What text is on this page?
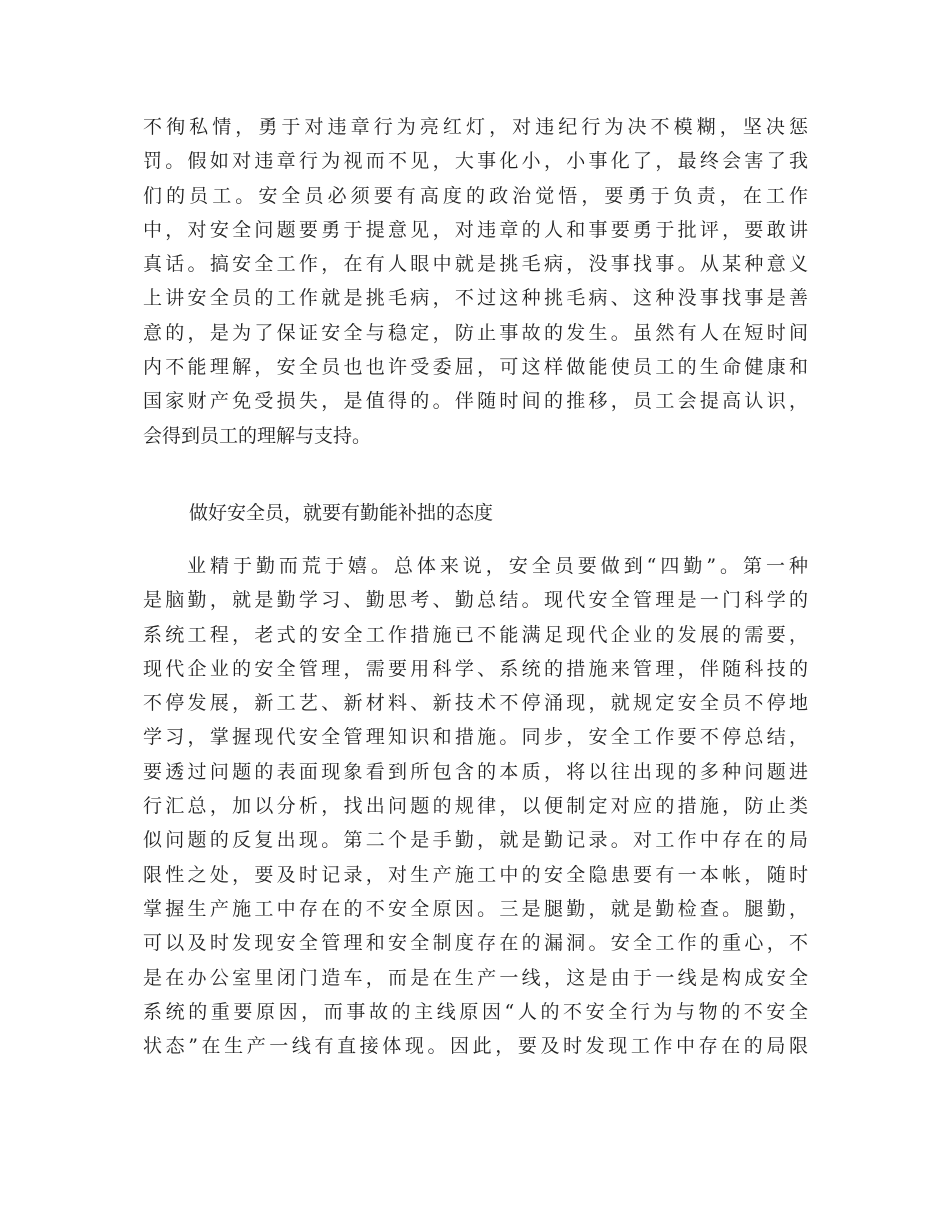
不徇私情，勇于对违章行为亮红灯，对违纪行为决不模糊，坚决惩
罚。假如对违章行为视而不见，大事化小，小事化了，最终会害了我
们的员工。安全员必须要有高度的政治觉悟，要勇于负责，在工作
中，对安全问题要勇于提意见，对违章的人和事要勇于批评，要敢讲
真话。搞安全工作，在有人眼中就是挑毛病，没事找事。从某种意义
上讲安全员的工作就是挑毛病，不过这种挑毛病、这种没事找事是善
意的，是为了保证安全与稳定，防止事故的发生。虽然有人在短时间
内不能理解，安全员也也许受委屈，可这样做能使员工的生命健康和
国家财产免受损失，是值得的。伴随时间的推移，员工会提高认识，
会得到员工的理解与支持。
做好安全员，就要有勤能补拙的态度
业精于勤而荒于嬉。总体来说，安全员要做到“四勤”。第一种
是脑勤，就是勤学习、勤思考、勤总结。现代安全管理是一门科学的
系统工程，老式的安全工作措施已不能满足现代企业的发展的需要，
现代企业的安全管理，需要用科学、系统的措施来管理，伴随科技的
不停发展，新工艺、新材料、新技术不停涌现，就规定安全员不停地
学习，掌握现代安全管理知识和措施。同步，安全工作要不停总结，
要透过问题的表面现象看到所包含的本质，将以往出现的多种问题进
行汇总，加以分析，找出问题的规律，以便制定对应的措施，防止类
似问题的反复出现。第二个是手勤，就是勤记录。对工作中存在的局
限性之处，要及时记录，对生产施工中的安全隐患要有一本帐，随时
掌握生产施工中存在的不安全原因。三是腿勤，就是勤检查。腿勤，
可以及时发现安全管理和安全制度存在的漏洞。安全工作的重心，不
是在办公室里闭门造车，而是在生产一线，这是由于一线是构成安全
系统的重要原因，而事故的主线原因“人的不安全行为与物的不安全
状态”在生产一线有直接体现。因此，要及时发现工作中存在的局限
